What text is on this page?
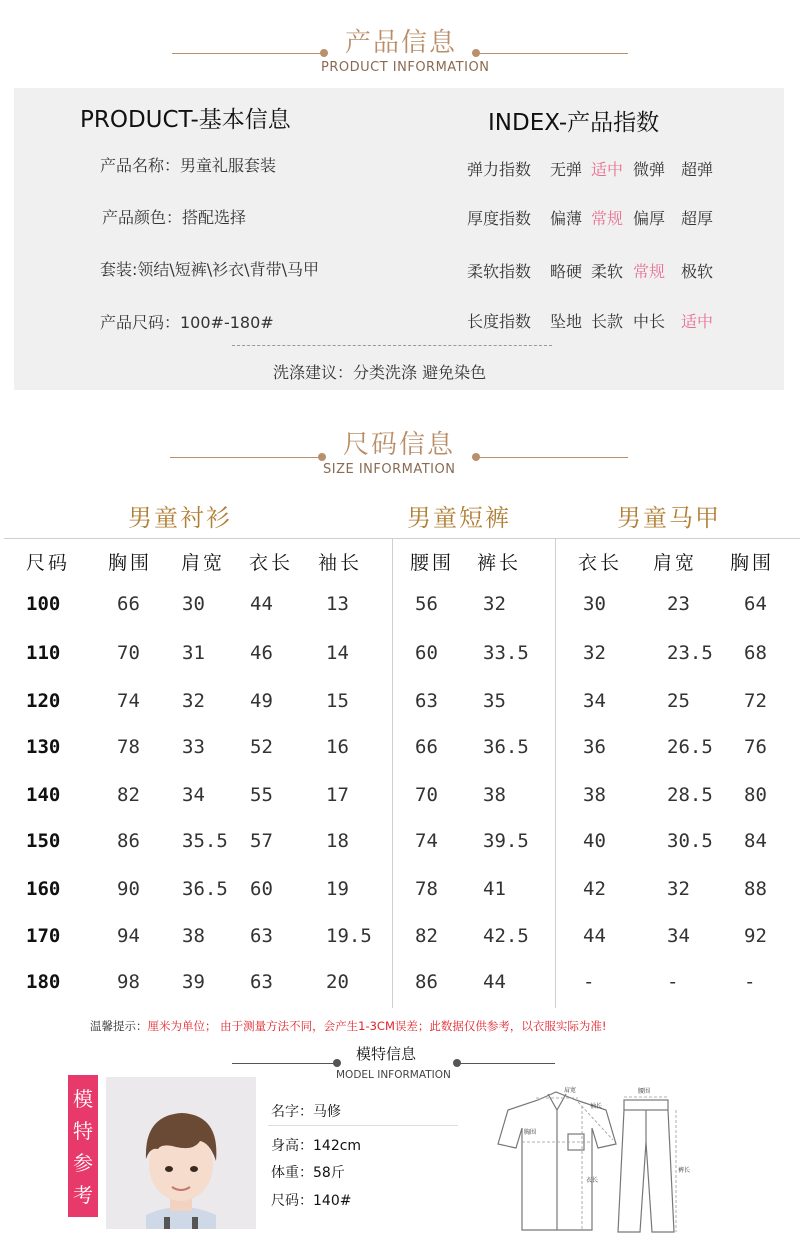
产品信息
PRODUCT INFORMATION
PRODUCT-基本信息
产品名称：男童礼服套装
产品颜色：搭配选择
套装:领结\短裤\衫衣\背带\马甲
产品尺码：100#-180#
INDEX-产品指数
弹力指数 无弹 适中 微弹 超弹
厚度指数 偏薄 常规 偏厚 超厚
柔软指数 略硬 柔软 常规 极软
长度指数 坠地 长款 中长 适中
洗涤建议：分类洗涤 避免染色
尺码信息
SIZE INFORMATION
男童衬衫	男童短裤	男童马甲
尺码 胸围 肩宽 衣长 袖长	腰围 裤长	衣长 肩宽 胸围
100	66 30 44	13	56 32	30	23	64
110	70 31 46	14	60 33.5	32	23.5 68
120	74 32 49	15	63 35	34	25	72
130	78 33 52	16	66 36.5	36	26.5 76
140	82 34 55	17	70 38	38	28.5 80
150	86 35.5 57	18	74 39.5	40	30.5 84
160	90 36.5 60	19	78 41	42	32	88
170	94 38 63	19.5 82 42.5	44	34	92
180	98 39 63	20	86 44	-	-	-
温馨提示：厘米为单位； 由于测量方法不同，会产生1-3CM误差；此数据仅供参考，以衣服实际为准!
模特信息
MODEL INFORMATION
模
特
参
考
名字：马修
身高：142cm
体重：58斤
尺码：140#
肩宽
袖长
胸围
衣长
腰围
裤长
